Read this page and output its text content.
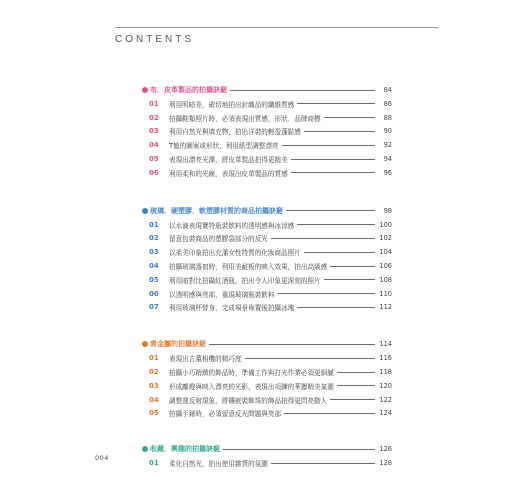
CONTENTS
布．皮革製品的拍攝訣竅	84
01	利用明暗差，確切地拍出針織品的纖維質感	86
02	拍攝鞋類照片時，必須表現出質感，形狀．品牌商標	88
03	利用自然光與填充物，拍出洋裝的輕盈蓬鬆感	90
04	T恤的圖案或形狀，利用紙型調整漂亮	92
05	表現出漂亮光澤，將皮革製品拍得更精美	94
06	利用柔和的光線，表現出皮革製品的質感	96
玻璃．硬塑膠．軟塑膠材質的商品拍攝訣竅	98
01	以水滴表現寶特瓶裝飲料的透明感與冰涼感	100
02	留意包裝商品的塑膠袋部分的反光	102
03	以柔美印象拍出充滿女性特質的化妝商品照片	104
04	拍攝玻璃器皿時，利用美耐板的映入效果，拍出高級感	106
05	利用暗對比拍攝紅酒瓶，拍出令人印象更深刻的照片	108
06	以透明感與亮部，重現玻璃瓶裝飲料	110
07	利用玻璃杯替身，完成場景佈置後拍攝冰塊	112
貴金屬的拍攝訣竅	114
01	表現出古董相機的精巧度	116
02	拍攝小巧精緻的飾品時，準備工作與打光作業必須更細膩	118
03	形成離燈與映入漂亮的光影，表現出項鍊的華麗精美氣圍	120
04	調整運反射現象，將鑲嵌裝飾珠的飾品拍得更閃亮動人	122
05	拍攝手錶時，必須留意反光問題與亮部	124
收藏．興趣的拍攝訣竅	126
01	柔化自然光，拍出使用雜貨的氛圍	128
004
